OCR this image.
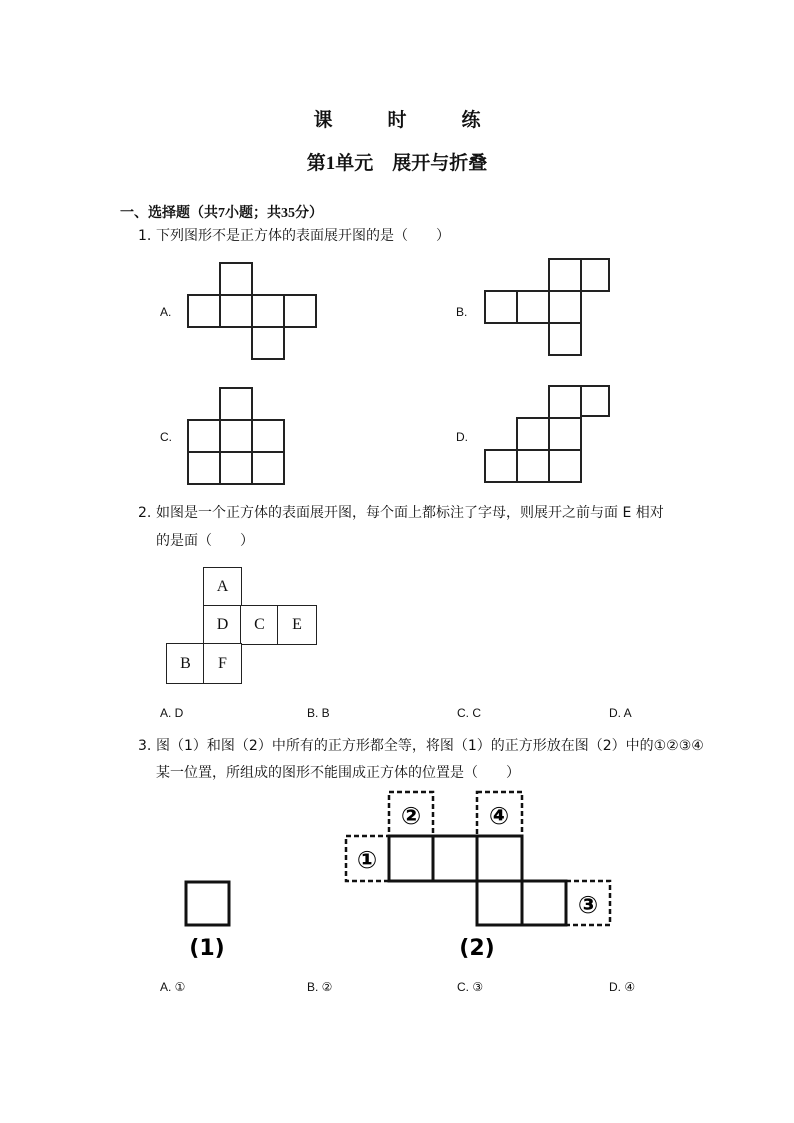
课　时　练
第1单元　展开与折叠
一、选择题（共7小题；共35分）
1. 下列图形不是正方体的表面展开图的是（　　）
A.	B.
C.	D.
2. 如图是一个正方体的表面展开图，每个面上都标注了字母，则展开之前与面 E 相对
的是面（　　）
A
D	C	E
B	F
A. D	B. B	C. C	D. A
3. 图（1）和图（2）中所有的正方形都全等，将图（1）的正方形放在图（2）中的①②③④
某一位置，所组成的图形不能围成正方体的位置是（　　）
(1)
①
②	④
③
(2)
A. ①	B. ②	C. ③	D. ④
